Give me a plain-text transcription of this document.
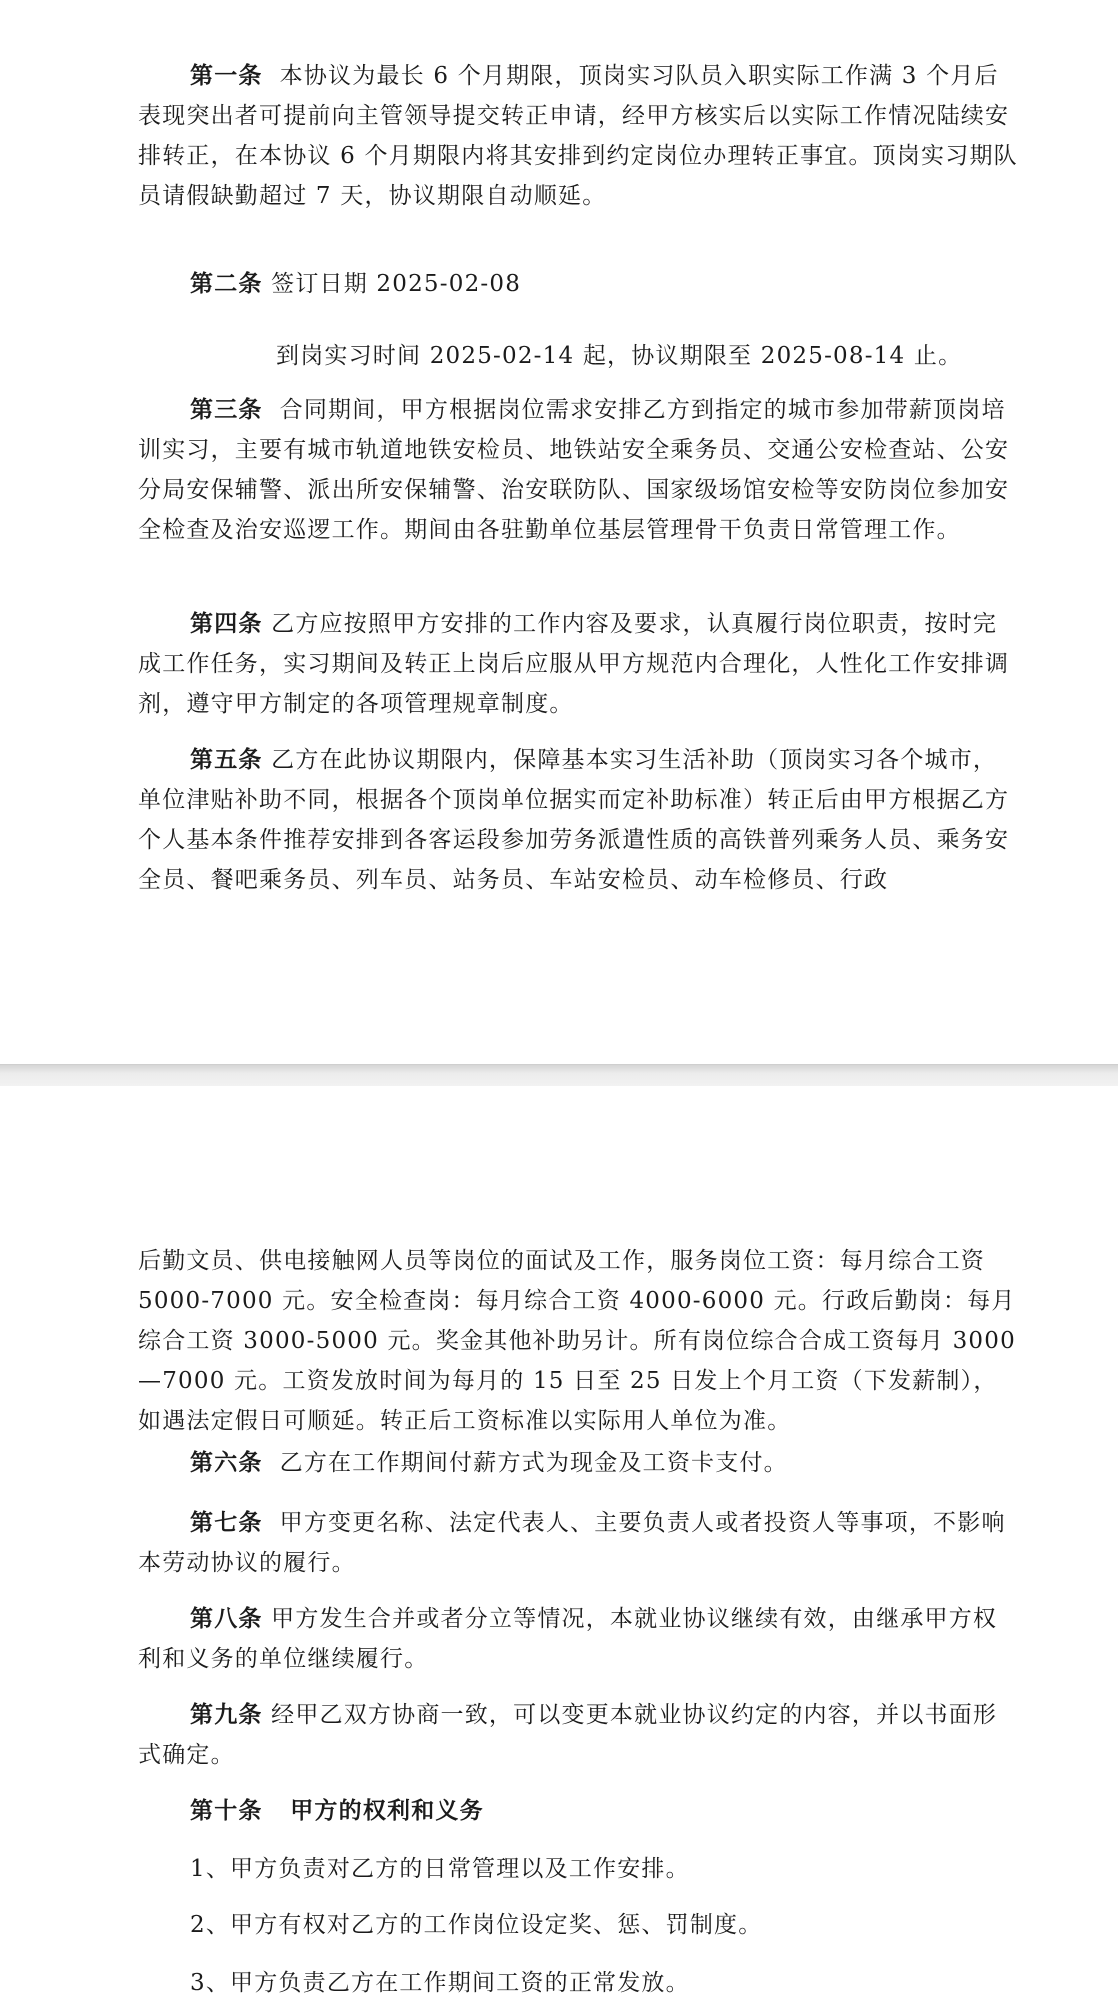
第一条 本协议为最长 6 个月期限，顶岗实习队员入职实际工作满 3 个月后表现突出者可提前向主管领导提交转正申请，经甲方核实后以实际工作情况陆续安排转正，在本协议 6 个月期限内将其安排到约定岗位办理转正事宜。顶岗实习期队员请假缺勤超过 7 天，协议期限自动顺延。

第二条 签订日期 2025-02-08

到岗实习时间 2025-02-14 起，协议期限至 2025-08-14 止。

第三条 合同期间，甲方根据岗位需求安排乙方到指定的城市参加带薪顶岗培训实习，主要有城市轨道地铁安检员、地铁站安全乘务员、交通公安检查站、公安分局安保辅警、派出所安保辅警、治安联防队、国家级场馆安检等安防岗位参加安全检查及治安巡逻工作。期间由各驻勤单位基层管理骨干负责日常管理工作。

第四条 乙方应按照甲方安排的工作内容及要求，认真履行岗位职责，按时完成工作任务，实习期间及转正上岗后应服从甲方规范内合理化，人性化工作安排调剂，遵守甲方制定的各项管理规章制度。

第五条 乙方在此协议期限内，保障基本实习生活补助（顶岗实习各个城市，单位津贴补助不同，根据各个顶岗单位据实而定补助标准）转正后由甲方根据乙方个人基本条件推荐安排到各客运段参加劳务派遣性质的高铁普列乘务人员、乘务安全员、餐吧乘务员、列车员、站务员、车站安检员、动车检修员、行政

后勤文员、供电接触网人员等岗位的面试及工作，服务岗位工资：每月综合工资 5000-7000 元。安全检查岗：每月综合工资 4000-6000 元。行政后勤岗：每月综合工资 3000-5000 元。奖金其他补助另计。所有岗位综合合成工资每月 3000—7000 元。工资发放时间为每月的 15 日至 25 日发上个月工资（下发薪制），如遇法定假日可顺延。转正后工资标准以实际用人单位为准。

第六条 乙方在工作期间付薪方式为现金及工资卡支付。

第七条 甲方变更名称、法定代表人、主要负责人或者投资人等事项，不影响本劳动协议的履行。

第八条 甲方发生合并或者分立等情况，本就业协议继续有效，由继承甲方权利和义务的单位继续履行。

第九条 经甲乙双方协商一致，可以变更本就业协议约定的内容，并以书面形式确定。

第十条 甲方的权利和义务

1、甲方负责对乙方的日常管理以及工作安排。

2、甲方有权对乙方的工作岗位设定奖、惩、罚制度。

3、甲方负责乙方在工作期间工资的正常发放。
